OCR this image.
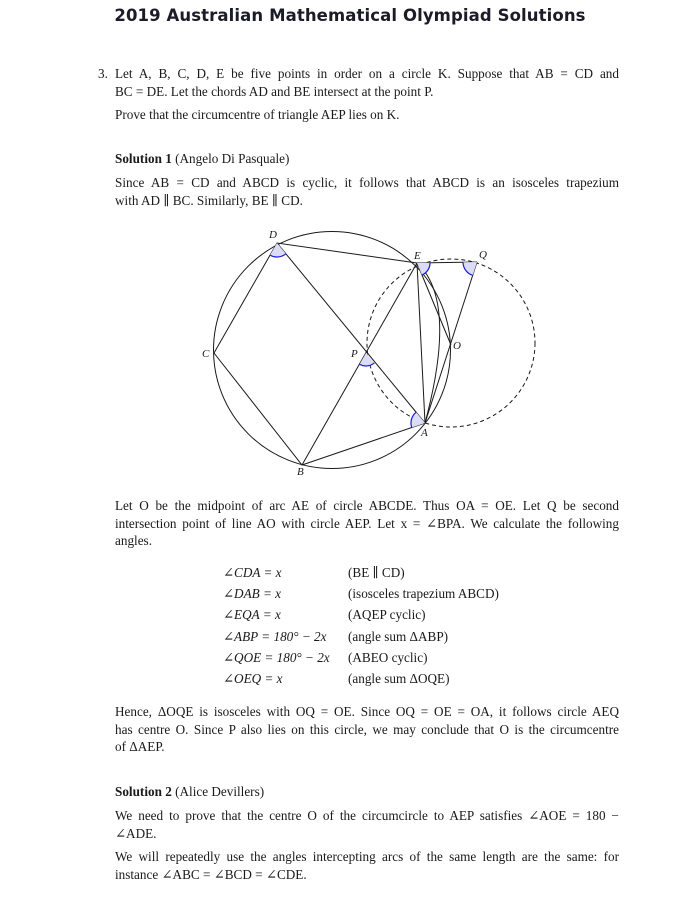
2019 Australian Mathematical Olympiad Solutions
3. Let A, B, C, D, E be five points in order on a circle K. Suppose that AB = CD and
BC = DE. Let the chords AD and BE intersect at the point P.
Prove that the circumcentre of triangle AEP lies on K.
Solution 1 (Angelo Di Pasquale)
Since AB = CD and ABCD is cyclic, it follows that ABCD is an isosceles trapezium
with AD ∥ BC. Similarly, BE ∥ CD.
D
C
B
A
E	Q
O
P
Let O be the midpoint of arc AE of circle ABCDE. Thus OA = OE. Let Q be second
intersection point of line AO with circle AEP. Let x = ∠BPA. We calculate the following
angles.
∠CDA = x	(BE ∥ CD)
∠DAB = x	(isosceles trapezium ABCD)
∠EQA = x	(AQEP cyclic)
∠ABP = 180° − 2x	(angle sum ΔABP)
∠QOE = 180° − 2x	(ABEO cyclic)
∠OEQ = x	(angle sum ΔOQE)
Hence, ΔOQE is isosceles with OQ = OE. Since OQ = OE = OA, it follows circle AEQ
has centre O. Since P also lies on this circle, we may conclude that O is the circumcentre
of ΔAEP.
Solution 2 (Alice Devillers)
We need to prove that the centre O of the circumcircle to AEP satisfies ∠AOE = 180 −
∠ADE.
We will repeatedly use the angles intercepting arcs of the same length are the same: for
instance ∠ABC = ∠BCD = ∠CDE.
